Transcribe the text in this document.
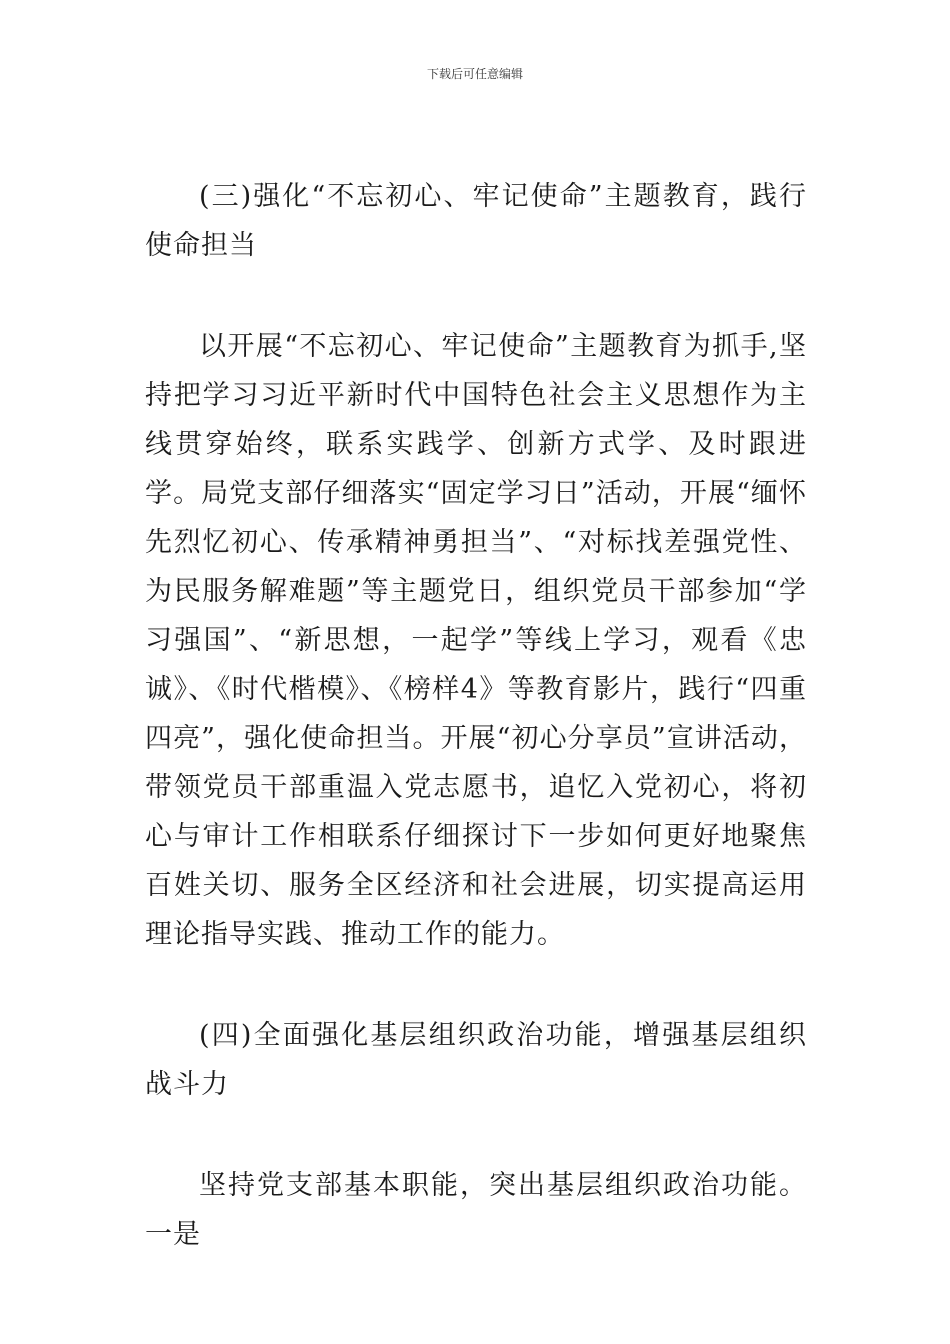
下载后可任意编辑

(三)强化“不忘初心、牢记使命”主题教育，践行使命担当

以开展“不忘初心、牢记使命”主题教育为抓手,坚持把学习习近平新时代中国特色社会主义思想作为主线贯穿始终，联系实践学、创新方式学、及时跟进学。局党支部仔细落实“固定学习日”活动，开展“缅怀先烈忆初心、传承精神勇担当”、“对标找差强党性、为民服务解难题”等主题党日，组织党员干部参加“学习强国”、“新思想，一起学”等线上学习，观看《忠诚》、《时代楷模》、《榜样4》等教育影片，践行“四重四亮”，强化使命担当。开展“初心分享员”宣讲活动，带领党员干部重温入党志愿书，追忆入党初心，将初心与审计工作相联系仔细探讨下一步如何更好地聚焦百姓关切、服务全区经济和社会进展，切实提高运用理论指导实践、推动工作的能力。

(四)全面强化基层组织政治功能，增强基层组织战斗力

坚持党支部基本职能，突出基层组织政治功能。一是
